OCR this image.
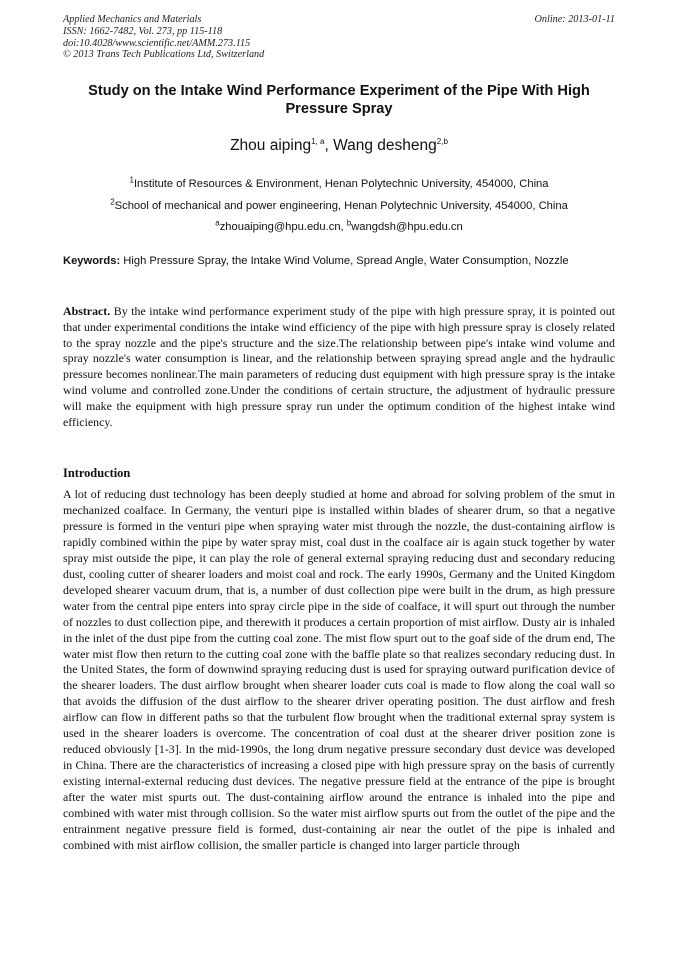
Applied Mechanics and Materials
ISSN: 1662-7482, Vol. 273, pp 115-118
doi:10.4028/www.scientific.net/AMM.273.115
© 2013 Trans Tech Publications Ltd, Switzerland
Online: 2013-01-11
Study on the Intake Wind Performance Experiment of the Pipe With High Pressure Spray
Zhou aiping$^{1, a}$, Wang desheng$^{2,b}$
$^1$Institute of Resources & Environment, Henan Polytechnic University, 454000, China
$^2$School of mechanical and power engineering, Henan Polytechnic University, 454000, China
$^a$zhouaiping@hpu.edu.cn, $^b$wangdsh@hpu.edu.cn
Keywords: High Pressure Spray, the Intake Wind Volume, Spread Angle, Water Consumption, Nozzle
Abstract. By the intake wind performance experiment study of the pipe with high pressure spray, it is pointed out that under experimental conditions the intake wind efficiency of the pipe with high pressure spray is closely related to the spray nozzle and the pipe's structure and the size.The relationship between pipe's intake wind volume and spray nozzle's water consumption is linear, and the relationship between spraying spread angle and the hydraulic pressure becomes nonlinear.The main parameters of reducing dust equipment with high pressure spray is the intake wind volume and controlled zone.Under the conditions of certain structure, the adjustment of hydraulic pressure will make the equipment with high pressure spray run under the optimum condition of the highest intake wind efficiency.
Introduction
A lot of reducing dust technology has been deeply studied at home and abroad for solving problem of the smut in mechanized coalface. In Germany, the venturi pipe is installed within blades of shearer drum, so that a negative pressure is formed in the venturi pipe when spraying water mist through the nozzle, the dust-containing airflow is rapidly combined within the pipe by water spray mist, coal dust in the coalface air is again stuck together by water spray mist outside the pipe, it can play the role of general external spraying reducing dust and secondary reducing dust, cooling cutter of shearer loaders and moist coal and rock. The early 1990s, Germany and the United Kingdom developed shearer vacuum drum, that is, a number of dust collection pipe were built in the drum, as high pressure water from the central pipe enters into spray circle pipe in the side of coalface, it will spurt out through the number of nozzles to dust collection pipe, and therewith it produces a certain proportion of mist airflow. Dusty air is inhaled in the inlet of the dust pipe from the cutting coal zone. The mist flow spurt out to the goaf side of the drum end, The water mist flow then return to the cutting coal zone with the baffle plate so that realizes secondary reducing dust. In the United States, the form of downwind spraying reducing dust is used for spraying outward purification device of the shearer loaders. The dust airflow brought when shearer loader cuts coal is made to flow along the coal wall so that avoids the diffusion of the dust airflow to the shearer driver operating position. The dust airflow and fresh airflow can flow in different paths so that the turbulent flow brought when the traditional external spray system is used in the shearer loaders is overcome. The concentration of coal dust at the shearer driver position zone is reduced obviously [1-3]. In the mid-1990s, the long drum negative pressure secondary dust device was developed in China. There are the characteristics of increasing a closed pipe with high pressure spray on the basis of currently existing internal-external reducing dust devices. The negative pressure field at the entrance of the pipe is brought after the water mist spurts out. The dust-containing airflow around the entrance is inhaled into the pipe and combined with water mist through collision. So the water mist airflow spurts out from the outlet of the pipe and the entrainment negative pressure field is formed, dust-containing air near the outlet of the pipe is inhaled and combined with mist airflow collision, the smaller particle is changed into larger particle through
